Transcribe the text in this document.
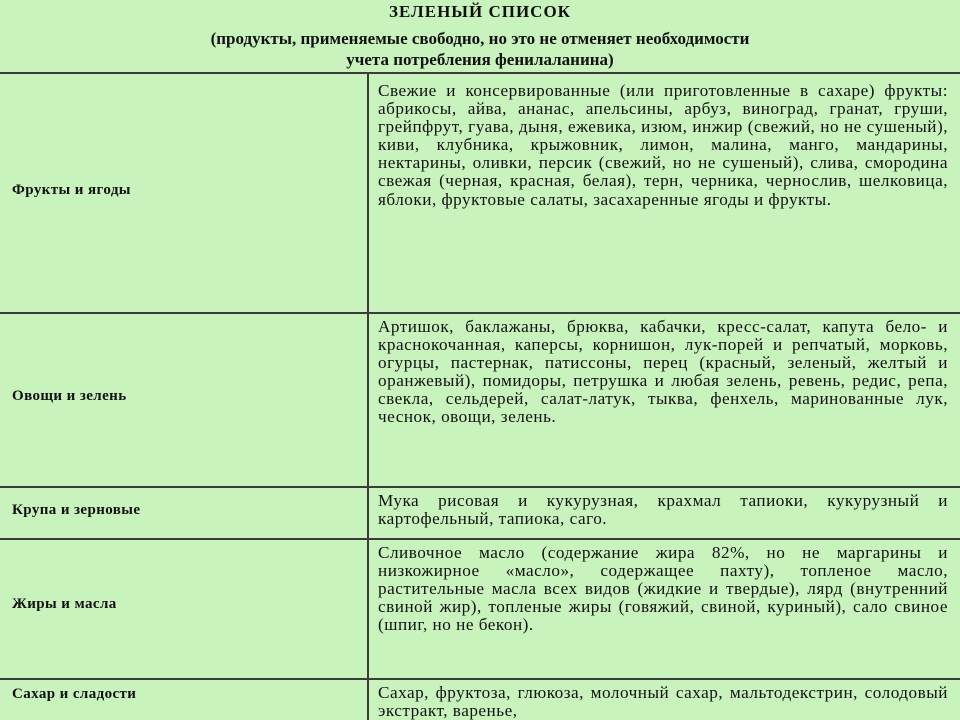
ЗЕЛЕНЫЙ СПИСОК
(продукты, применяемые свободно, но это не отменяет необходимости
учета потребления фенилаланина)
Фрукты и ягоды
Свежие и консервированные (или приготовленные в сахаре) фрукты: абрикосы, айва, ананас, апельсины, арбуз, виноград, гранат, груши, грейпфрут, гуава, дыня, ежевика, изюм, инжир (свежий, но не сушеный), киви, клубника, крыжовник, лимон, малина, манго, мандарины, нектарины, оливки, персик (свежий, но не сушеный), слива, смородина свежая (черная, красная, белая), терн, черника, чернослив, шелковица, яблоки, фруктовые салаты, засахаренные ягоды и фрукты.
Овощи и зелень
Артишок, баклажаны, брюква, кабачки, кресс-салат, капута бело- и краснокочанная, каперсы, корнишон, лук-порей и репчатый, морковь, огурцы, пастернак, патиссоны, перец (красный, зеленый, желтый и оранжевый), помидоры, петрушка и любая зелень, ревень, редис, репа, свекла, сельдерей, салат-латук, тыква, фенхель, маринованные лук, чеснок, овощи, зелень.
Крупа и зерновые	Мука рисовая и кукурузная, крахмал тапиоки, кукурузный и картофельный, тапиока, саго.
Жиры и масла
Сливочное масло (содержание жира 82%, но не маргарины и низкожирное «масло», содержащее пахту), топленое масло, растительные масла всех видов (жидкие и твердые), лярд (внутренний свиной жир), топленые жиры (говяжий, свиной, куриный), сало свиное (шпиг, но не бекон).
Сахар и сладости	Сахар, фруктоза, глюкоза, молочный сахар, мальтодекстрин, солодовый экстракт, варенье,
